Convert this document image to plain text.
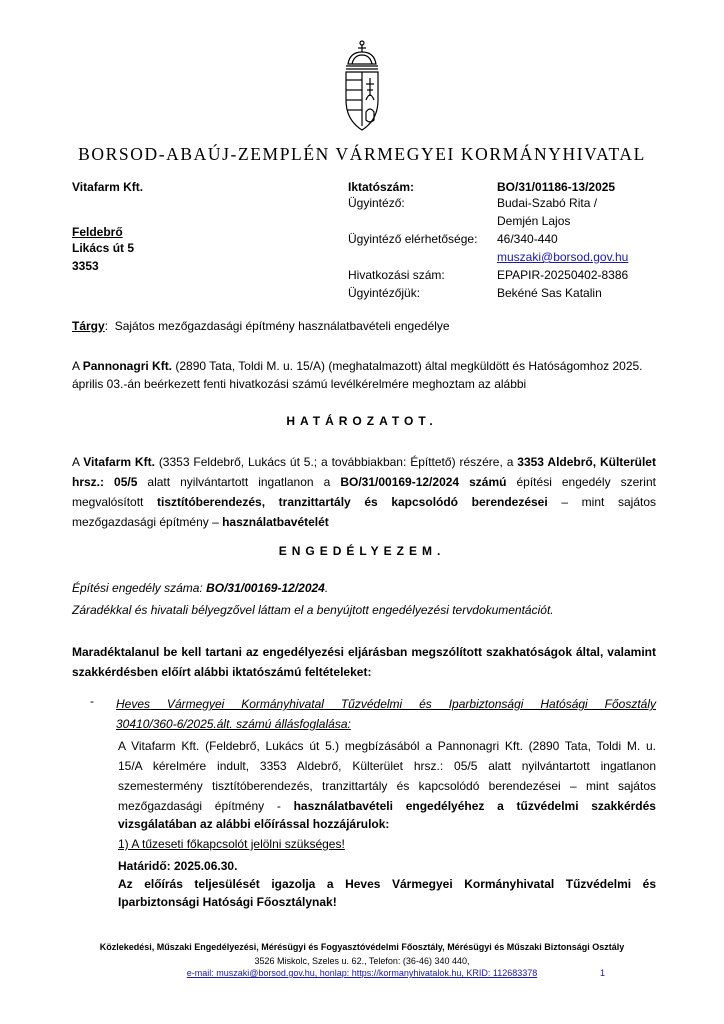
BORSOD-ABAÚJ-ZEMPLÉN VÁRMEGYEI KORMÁNYHIVATAL
Vitafarm Kft.
Feldebrő
Likács út 5
3353
Iktatószám:	BO/31/01186-13/2025
Ügyintéző:	Budai-Szabó Rita /
Demjén Lajos
Ügyintéző elérhetősége: 46/340-440
muszaki@borsod.gov.hu
Hivatkozási szám:	EPAPIR-20250402-8386
Ügyintézőjük:	Bekéné Sas Katalin
Tárgy: Sajátos mezőgazdasági építmény használatbavételi engedélye
A Pannonagri Kft. (2890 Tata, Toldi M. u. 15/A) (meghatalmazott) által megküldött és Hatóságomhoz 2025.
április 03.-án beérkezett fenti hivatkozási számú levélkérelmére meghoztam az alábbi
HATÁROZATOT.
A Vitafarm Kft. (3353 Feldebrő, Lukács út 5.; a továbbiakban: Építtető) részére, a 3353 Aldebrő, Külterület
hrsz.: 05/5 alatt nyilvántartott ingatlanon a BO/31/00169-12/2024 számú építési engedély szerint
megvalósított tisztítóberendezés, tranzittartály és kapcsolódó berendezései – mint sajátos
mezőgazdasági építmény – használatbavételét
ENGEDÉLYEZEM.
Építési engedély száma: BO/31/00169-12/2024.
Záradékkal és hivatali bélyegzővel láttam el a benyújtott engedélyezési tervdokumentációt.
Maradéktalanul be kell tartani az engedélyezési eljárásban megszólított szakhatóságok által, valamint
szakkérdésben előírt alábbi iktatószámú feltételeket:
- Heves Vármegyei Kormányhivatal Tűzvédelmi és Iparbiztonsági Hatósági Főosztály
30410/360-6/2025.ált. számú állásfoglalása:
A Vitafarm Kft. (Feldebrő, Lukács út 5.) megbízásából a Pannonagri Kft. (2890 Tata, Toldi M. u.
15/A kérelmére indult, 3353 Aldebrő, Külterület hrsz.: 05/5 alatt nyilvántartott ingatlanon
szemestermény tisztítóberendezés, tranzittartály és kapcsolódó berendezései – mint sajátos
mezőgazdasági építmény - használatbavételi engedélyéhez a tűzvédelmi szakkérdés
vizsgálatában az alábbi előírással hozzájárulok:
1) A tűzeseti főkapcsolót jelölni szükséges!
Határidő: 2025.06.30.
Az előírás teljesülését igazolja a Heves Vármegyei Kormányhivatal Tűzvédelmi és
Iparbiztonsági Hatósági Főosztálynak!
Közlekedési, Műszaki Engedélyezési, Mérésügyi és Fogyasztóvédelmi Főosztály, Mérésügyi és Műszaki Biztonsági Osztály
3526 Miskolc, Szeles u. 62., Telefon: (36-46) 340 440,
e-mail: muszaki@borsod.gov.hu, honlap: https://kormanyhivatalok.hu, KRID: 112683378	1
